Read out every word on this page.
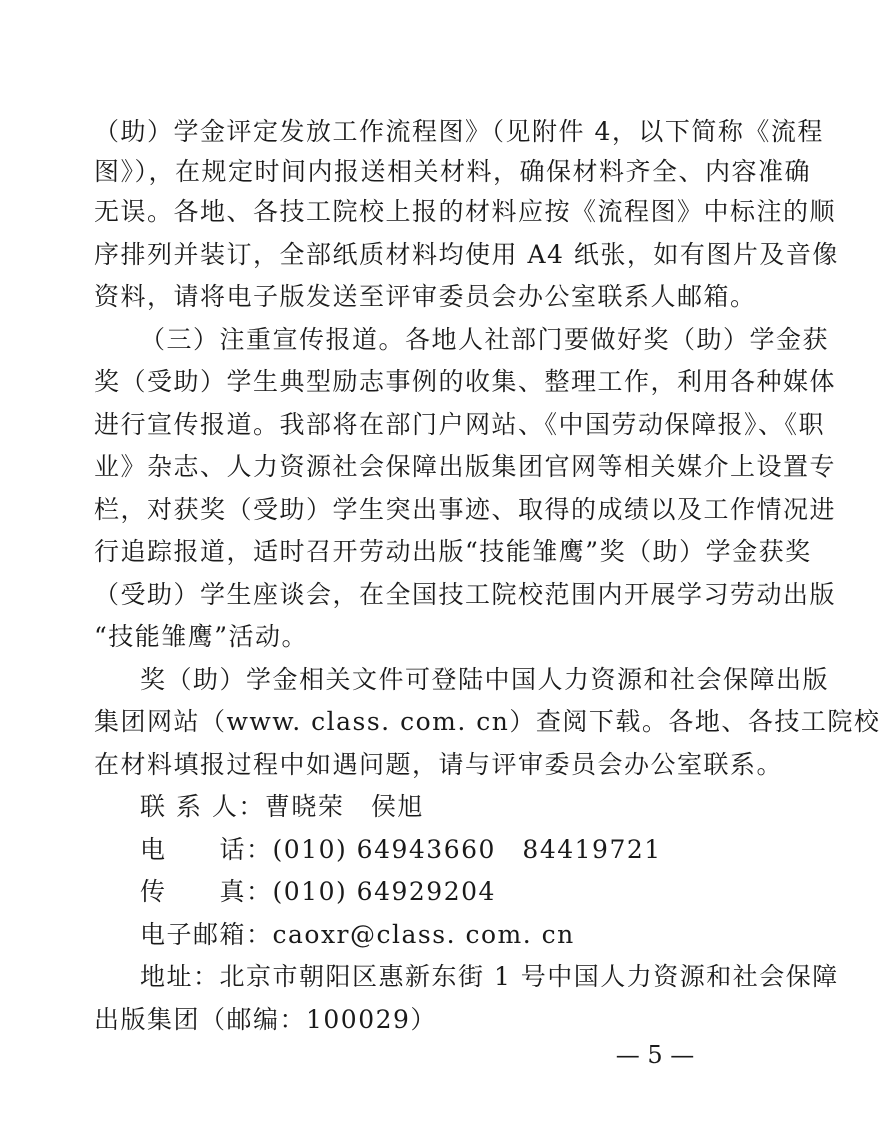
（助）学金评定发放工作流程图》（见附件 4，以下简称《流程
图》），在规定时间内报送相关材料，确保材料齐全、内容准确
无误。各地、各技工院校上报的材料应按《流程图》中标注的顺
序排列并装订，全部纸质材料均使用 A4 纸张，如有图片及音像
资料，请将电子版发送至评审委员会办公室联系人邮箱。
（三）注重宣传报道。各地人社部门要做好奖（助）学金获
奖（受助）学生典型励志事例的收集、整理工作，利用各种媒体
进行宣传报道。我部将在部门户网站、《中国劳动保障报》、《职
业》杂志、人力资源社会保障出版集团官网等相关媒介上设置专
栏，对获奖（受助）学生突出事迹、取得的成绩以及工作情况进
行追踪报道，适时召开劳动出版“技能雏鹰”奖（助）学金获奖
（受助）学生座谈会，在全国技工院校范围内开展学习劳动出版
“技能雏鹰”活动。
奖（助）学金相关文件可登陆中国人力资源和社会保障出版
集团网站（www. class. com. cn）查阅下载。各地、各技工院校
在材料填报过程中如遇问题，请与评审委员会办公室联系。
联 系 人：曹晓荣　侯旭
电　　话：(010) 64943660　84419721
传　　真：(010) 64929204
电子邮箱：caoxr@class. com. cn
地址：北京市朝阳区惠新东街 1 号中国人力资源和社会保障
出版集团（邮编：100029）
— 5 —
